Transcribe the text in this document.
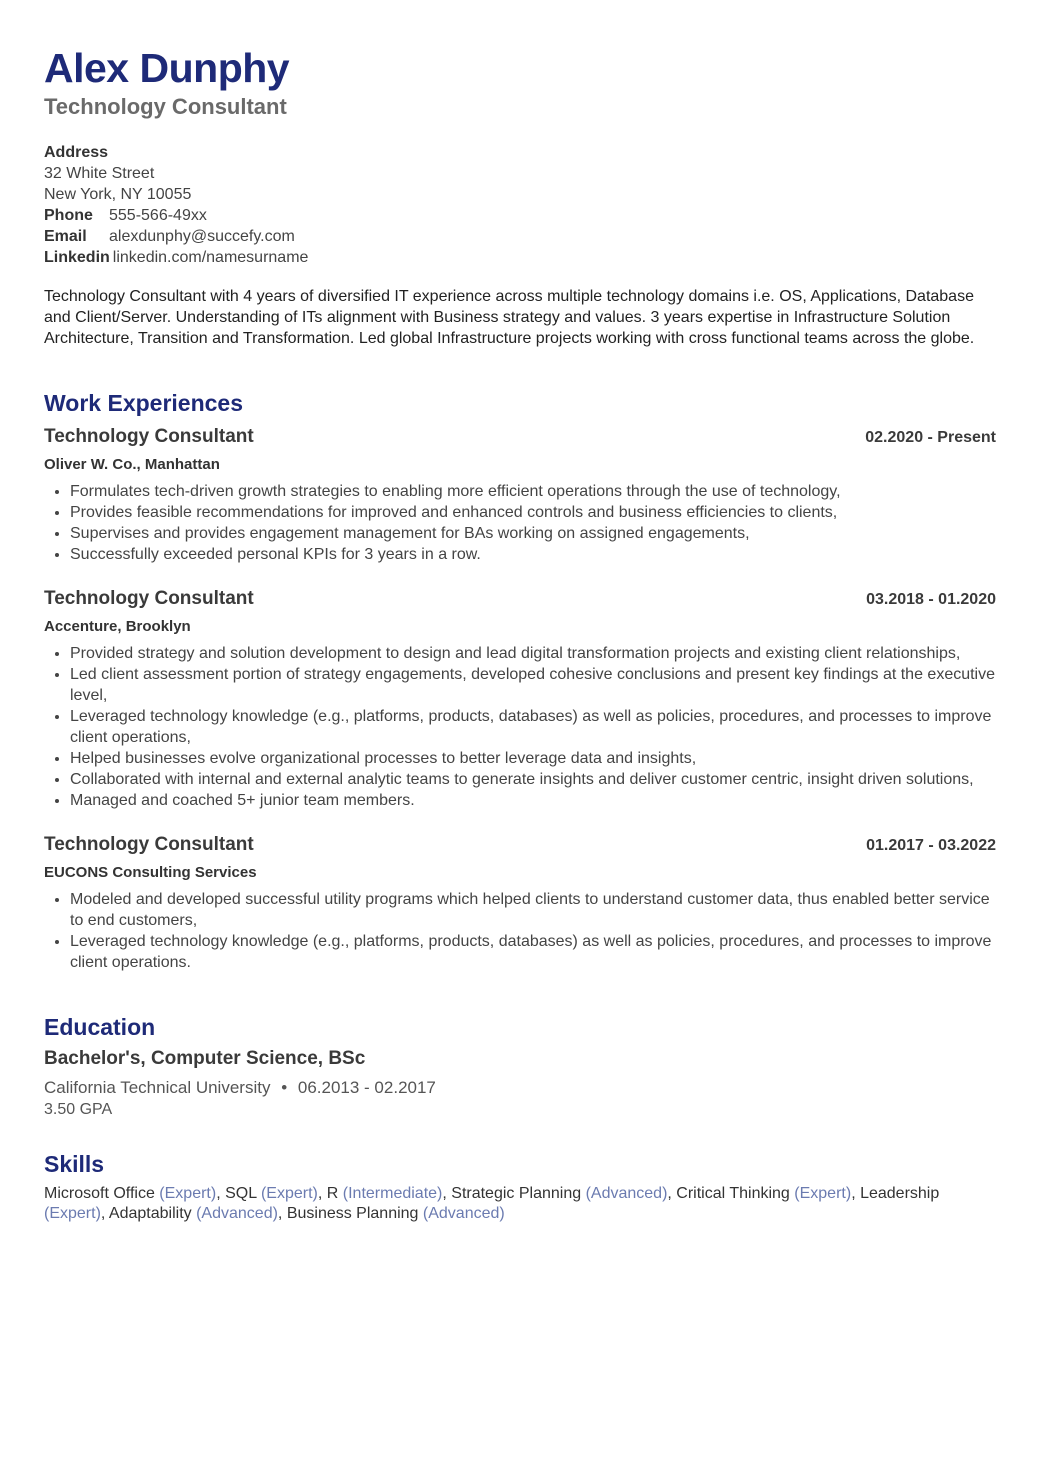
Alex Dunphy
Technology Consultant
Address
32 White Street
New York, NY 10055
Phone	555-566-49xx
Email	alexdunphy@succefy.com
Linkedin linkedin.com/namesurname
Technology Consultant with 4 years of diversified IT experience across multiple technology domains i.e. OS, Applications, Database and Client/Server. Understanding of ITs alignment with Business strategy and values. 3 years expertise in Infrastructure Solution Architecture, Transition and Transformation. Led global Infrastructure projects working with cross functional teams across the globe.
Work Experiences
Technology Consultant	02.2020 - Present
Oliver W. Co., Manhattan
• Formulates tech-driven growth strategies to enabling more efficient operations through the use of technology,
• Provides feasible recommendations for improved and enhanced controls and business efficiencies to clients,
• Supervises and provides engagement management for BAs working on assigned engagements,
• Successfully exceeded personal KPIs for 3 years in a row.
Technology Consultant	03.2018 - 01.2020
Accenture, Brooklyn
• Provided strategy and solution development to design and lead digital transformation projects and existing client relationships,
• Led client assessment portion of strategy engagements, developed cohesive conclusions and present key findings at the executive level,
• Leveraged technology knowledge (e.g., platforms, products, databases) as well as policies, procedures, and processes to improve client operations,
• Helped businesses evolve organizational processes to better leverage data and insights,
• Collaborated with internal and external analytic teams to generate insights and deliver customer centric, insight driven solutions,
• Managed and coached 5+ junior team members.
Technology Consultant	01.2017 - 03.2022
EUCONS Consulting Services
• Modeled and developed successful utility programs which helped clients to understand customer data, thus enabled better service to end customers,
• Leveraged technology knowledge (e.g., platforms, products, databases) as well as policies, procedures, and processes to improve client operations.
Education
Bachelor's, Computer Science, BSc
California Technical University • 06.2013 - 02.2017
3.50 GPA
Skills
Microsoft Office (Expert), SQL (Expert), R (Intermediate), Strategic Planning (Advanced), Critical Thinking (Expert), Leadership (Expert), Adaptability (Advanced), Business Planning (Advanced)
